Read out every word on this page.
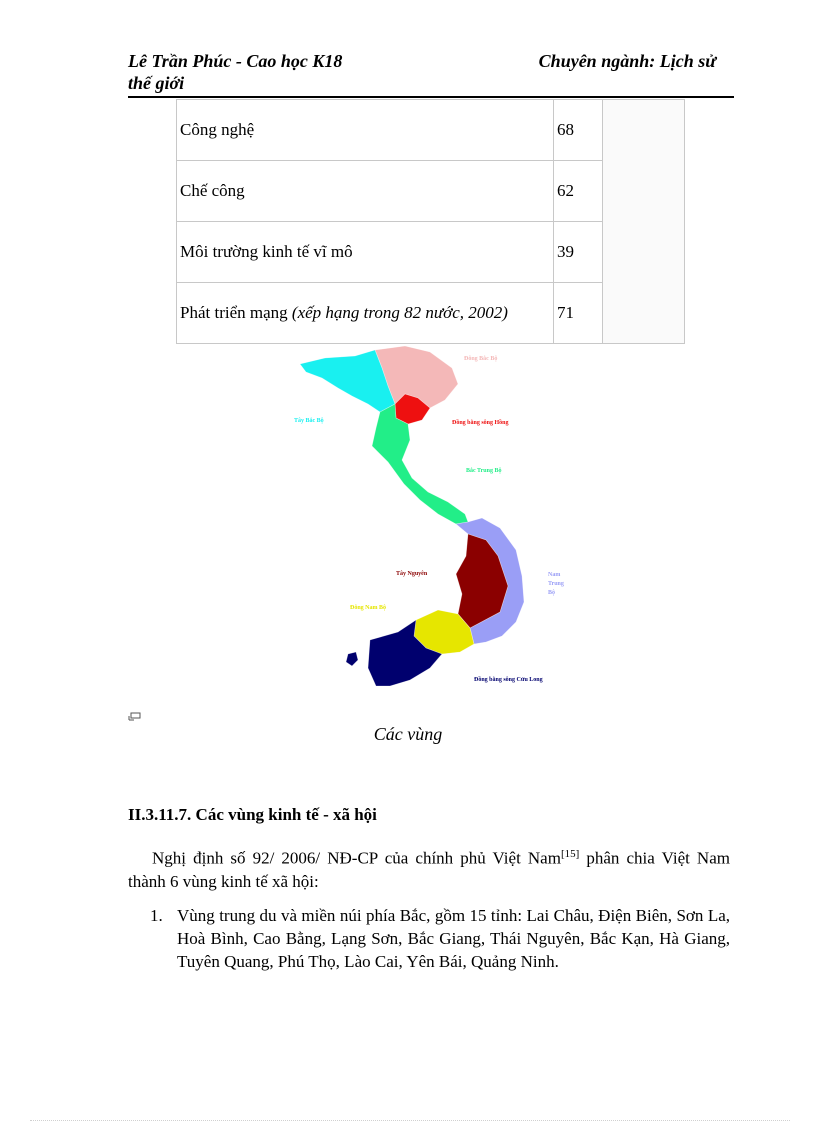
Lê Trần Phúc - Cao học K18	Chuyên ngành: Lịch sử
thế giới
Công nghệ	68	
Chế công	62	
Môi trường kinh tế vĩ mô	39	
Phát triển mạng (xếp hạng trong 82 nước, 2002)	71	
Đông Bắc Bộ
Tây Bắc Bộ	Đồng bằng sông Hồng
Bắc Trung Bộ
Tây Nguyên	Nam
Trung
Bộ
Đông Nam Bộ
Đồng bằng sông Cửu Long
Các vùng
II.3.11.7. Các vùng kinh tế - xã hội
Nghị định số 92/ 2006/ NĐ-CP của chính phủ Việt Nam[15] phân chia Việt Nam thành 6 vùng kinh tế xã hội:
1. Vùng trung du và miền núi phía Bắc, gồm 15 tỉnh: Lai Châu, Điện Biên, Sơn La, Hoà Bình, Cao Bằng, Lạng Sơn, Bắc Giang, Thái Nguyên, Bắc Kạn, Hà Giang, Tuyên Quang, Phú Thọ, Lào Cai, Yên Bái, Quảng Ninh.
